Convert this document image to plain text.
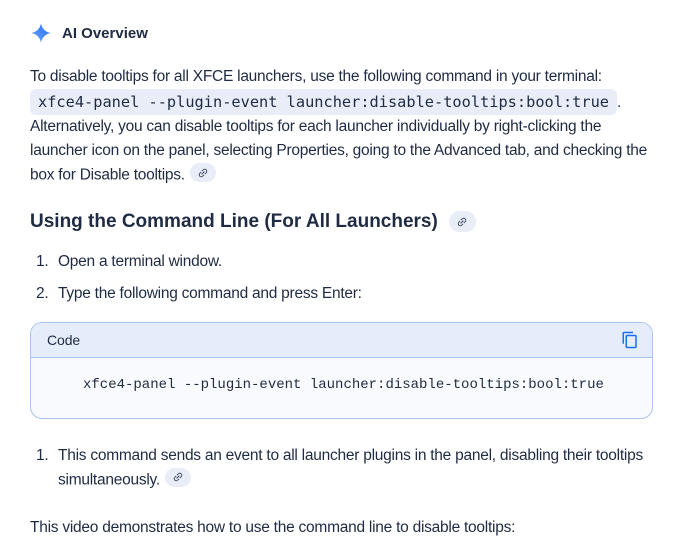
AI Overview

To disable tooltips for all XFCE launchers, use the following command in your terminal: xfce4-panel --plugin-event launcher:disable-tooltips:bool:true . Alternatively, you can disable tooltips for each launcher individually by right-clicking the launcher icon on the panel, selecting Properties, going to the Advanced tab, and checking the box for Disable tooltips.

Using the Command Line (For All Launchers)
1. Open a terminal window.
2. Type the following command and press Enter:
Code
xfce4-panel --plugin-event launcher:disable-tooltips:bool:true
1. This command sends an event to all launcher plugins in the panel, disabling their tooltips simultaneously.

This video demonstrates how to use the command line to disable tooltips:
